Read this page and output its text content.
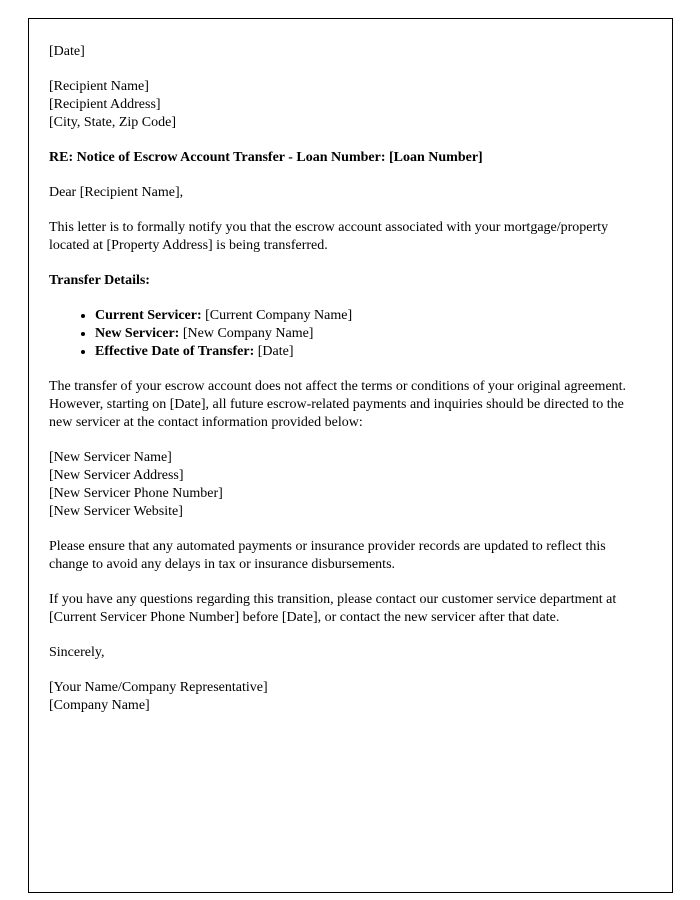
[Date]

[Recipient Name]
[Recipient Address]
[City, State, Zip Code]

RE: Notice of Escrow Account Transfer - Loan Number: [Loan Number]

Dear [Recipient Name],

This letter is to formally notify you that the escrow account associated with your mortgage/property located at [Property Address] is being transferred.

Transfer Details:

• Current Servicer: [Current Company Name]
• New Servicer: [New Company Name]
• Effective Date of Transfer: [Date]

The transfer of your escrow account does not affect the terms or conditions of your original agreement. However, starting on [Date], all future escrow-related payments and inquiries should be directed to the new servicer at the contact information provided below:

[New Servicer Name]
[New Servicer Address]
[New Servicer Phone Number]
[New Servicer Website]

Please ensure that any automated payments or insurance provider records are updated to reflect this change to avoid any delays in tax or insurance disbursements.

If you have any questions regarding this transition, please contact our customer service department at [Current Servicer Phone Number] before [Date], or contact the new servicer after that date.

Sincerely,

[Your Name/Company Representative]
[Company Name]
